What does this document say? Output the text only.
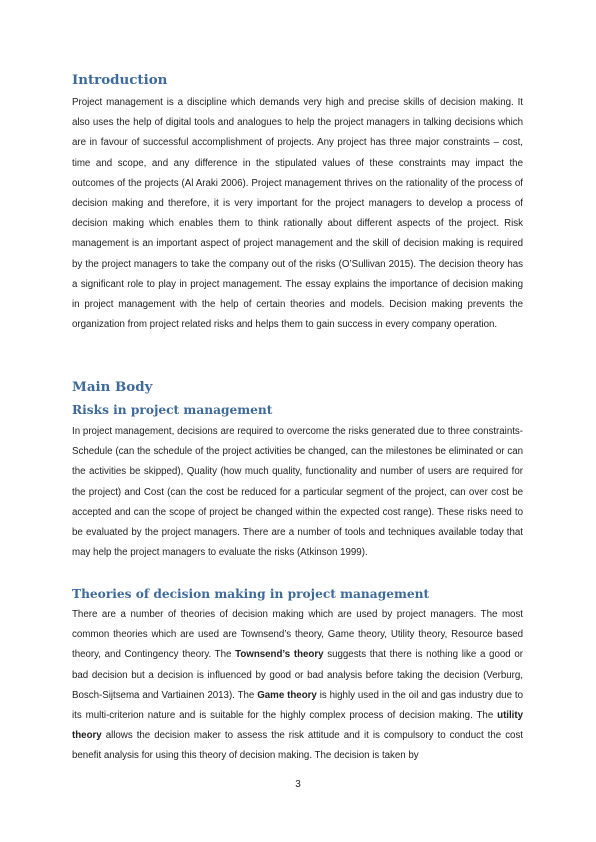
Introduction

Project management is a discipline which demands very high and precise skills of decision making. It also uses the help of digital tools and analogues to help the project managers in talking decisions which are in favour of successful accomplishment of projects. Any project has three major constraints – cost, time and scope, and any difference in the stipulated values of these constraints may impact the outcomes of the projects (Al Araki 2006). Project management thrives on the rationality of the process of decision making and therefore, it is very important for the project managers to develop a process of decision making which enables them to think rationally about different aspects of the project. Risk management is an important aspect of project management and the skill of decision making is required by the project managers to take the company out of the risks (O’Sullivan 2015). The decision theory has a significant role to play in project management. The essay explains the importance of decision making in project management with the help of certain theories and models. Decision making prevents the organization from project related risks and helps them to gain success in every company operation.

Main Body
Risks in project management

In project management, decisions are required to overcome the risks generated due to three constraints- Schedule (can the schedule of the project activities be changed, can the milestones be eliminated or can the activities be skipped), Quality (how much quality, functionality and number of users are required for the project) and Cost (can the cost be reduced for a particular segment of the project, can over cost be accepted and can the scope of project be changed within the expected cost range). These risks need to be evaluated by the project managers. There are a number of tools and techniques available today that may help the project managers to evaluate the risks (Atkinson 1999).

Theories of decision making in project management

There are a number of theories of decision making which are used by project managers. The most common theories which are used are Townsend’s theory, Game theory, Utility theory, Resource based theory, and Contingency theory. The Townsend’s theory suggests that there is nothing like a good or bad decision but a decision is influenced by good or bad analysis before taking the decision (Verburg, Bosch-Sijtsema and Vartiainen 2013). The Game theory is highly used in the oil and gas industry due to its multi-criterion nature and is suitable for the highly complex process of decision making. The utility theory allows the decision maker to assess the risk attitude and it is compulsory to conduct the cost benefit analysis for using this theory of decision making. The decision is taken by

3
